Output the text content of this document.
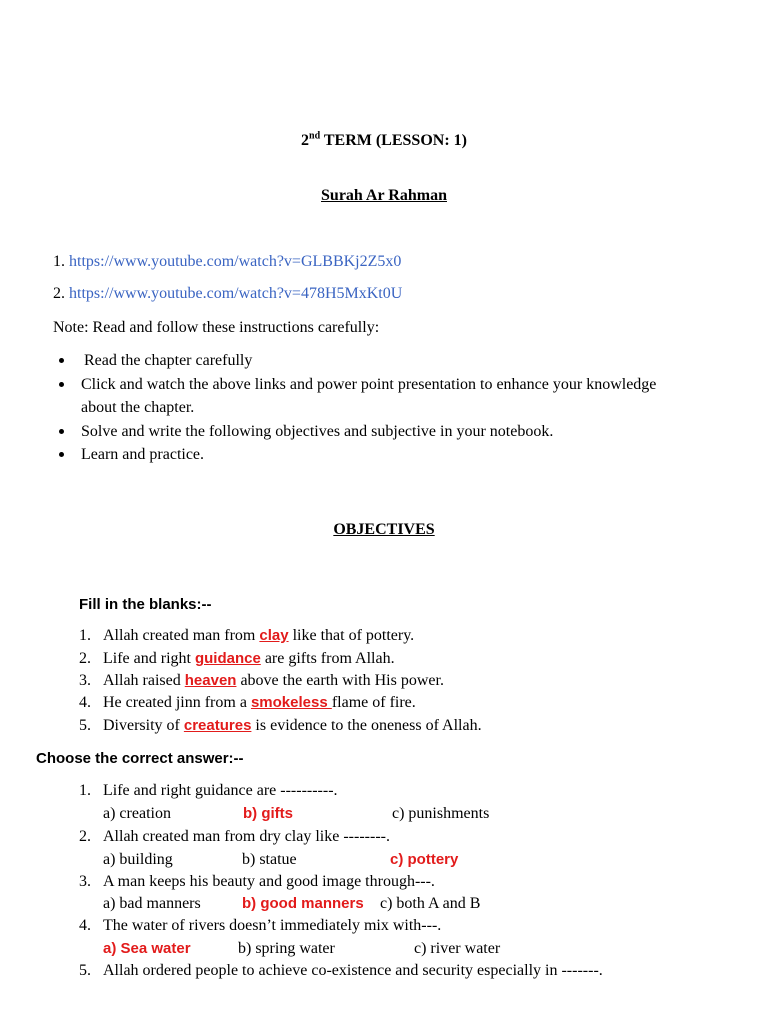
2nd TERM (LESSON: 1)
Surah Ar Rahman
1. https://www.youtube.com/watch?v=GLBBKj2Z5x0
2. https://www.youtube.com/watch?v=478H5MxKt0U
Note: Read and follow these instructions carefully:
Read the chapter carefully
Click and watch the above links and power point presentation to enhance your knowledge
about the chapter.
Solve and write the following objectives and subjective in your notebook.
Learn and practice.
OBJECTIVES
Fill in the blanks:--
1. Allah created man from clay like that of pottery.
2. Life and right guidance are gifts from Allah.
3. Allah raised heaven above the earth with His power.
4. He created jinn from a smokeless flame of fire.
5. Diversity of creatures is evidence to the oneness of Allah.
Choose the correct answer:--
1. Life and right guidance are ----------.
a) creation	b) gifts	c) punishments
2. Allah created man from dry clay like --------.
a) building	b) statue	c) pottery
3. A man keeps his beauty and good image through---.
a) bad manners	b) good manners c) both A and B
4. The water of rivers doesn’t immediately mix with---.
a) Sea water	b) spring water	c) river water
5. Allah ordered people to achieve co-existence and security especially in -------.
